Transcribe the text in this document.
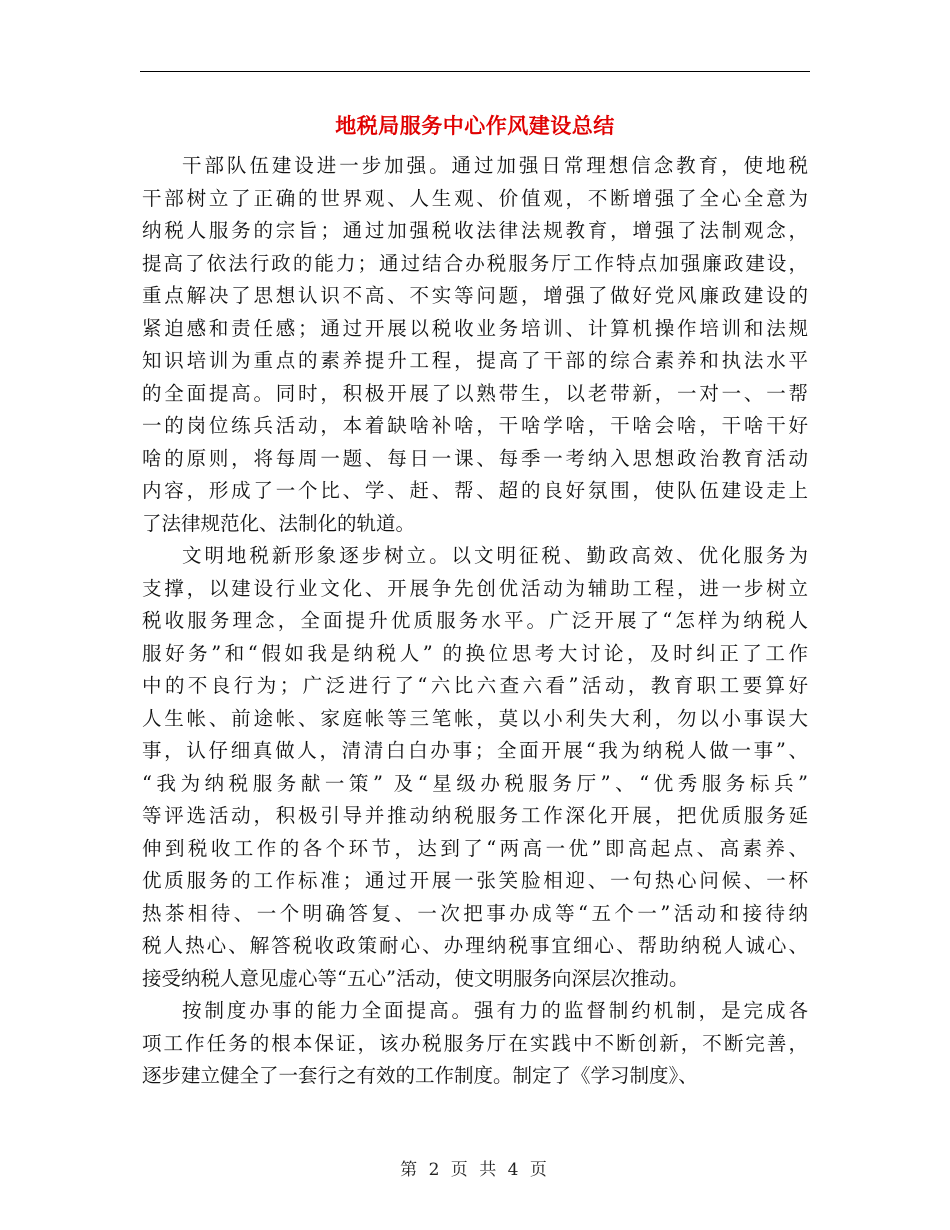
地税局服务中心作风建设总结
干部队伍建设进一步加强。通过加强日常理想信念教育，使地税
干部树立了正确的世界观、人生观、价值观，不断增强了全心全意为
纳税人服务的宗旨；通过加强税收法律法规教育，增强了法制观念，
提高了依法行政的能力；通过结合办税服务厅工作特点加强廉政建设，
重点解决了思想认识不高、不实等问题，增强了做好党风廉政建设的
紧迫感和责任感；通过开展以税收业务培训、计算机操作培训和法规
知识培训为重点的素养提升工程，提高了干部的综合素养和执法水平
的全面提高。同时，积极开展了以熟带生，以老带新，一对一、一帮
一的岗位练兵活动，本着缺啥补啥，干啥学啥，干啥会啥，干啥干好
啥的原则，将每周一题、每日一课、每季一考纳入思想政治教育活动
内容，形成了一个比、学、赶、帮、超的良好氛围，使队伍建设走上
了法律规范化、法制化的轨道。
文明地税新形象逐步树立。以文明征税、勤政高效、优化服务为
支撑，以建设行业文化、开展争先创优活动为辅助工程，进一步树立
税收服务理念，全面提升优质服务水平。广泛开展了“怎样为纳税人
服好务”和“假如我是纳税人” 的换位思考大讨论，及时纠正了工作
中的不良行为；广泛进行了“六比六查六看”活动，教育职工要算好
人生帐、前途帐、家庭帐等三笔帐，莫以小利失大利，勿以小事误大
事，认仔细真做人，清清白白办事；全面开展“我为纳税人做一事”、
“我为纳税服务献一策” 及“星级办税服务厅”、“优秀服务标兵”
等评选活动，积极引导并推动纳税服务工作深化开展，把优质服务延
伸到税收工作的各个环节，达到了“两高一优”即高起点、高素养、
优质服务的工作标准；通过开展一张笑脸相迎、一句热心问候、一杯
热茶相待、一个明确答复、一次把事办成等“五个一”活动和接待纳
税人热心、解答税收政策耐心、办理纳税事宜细心、帮助纳税人诚心、
接受纳税人意见虚心等“五心”活动，使文明服务向深层次推动。
按制度办事的能力全面提高。强有力的监督制约机制，是完成各
项工作任务的根本保证，该办税服务厅在实践中不断创新，不断完善，
逐步建立健全了一套行之有效的工作制度。制定了《学习制度》、
第 2 页 共 4 页
